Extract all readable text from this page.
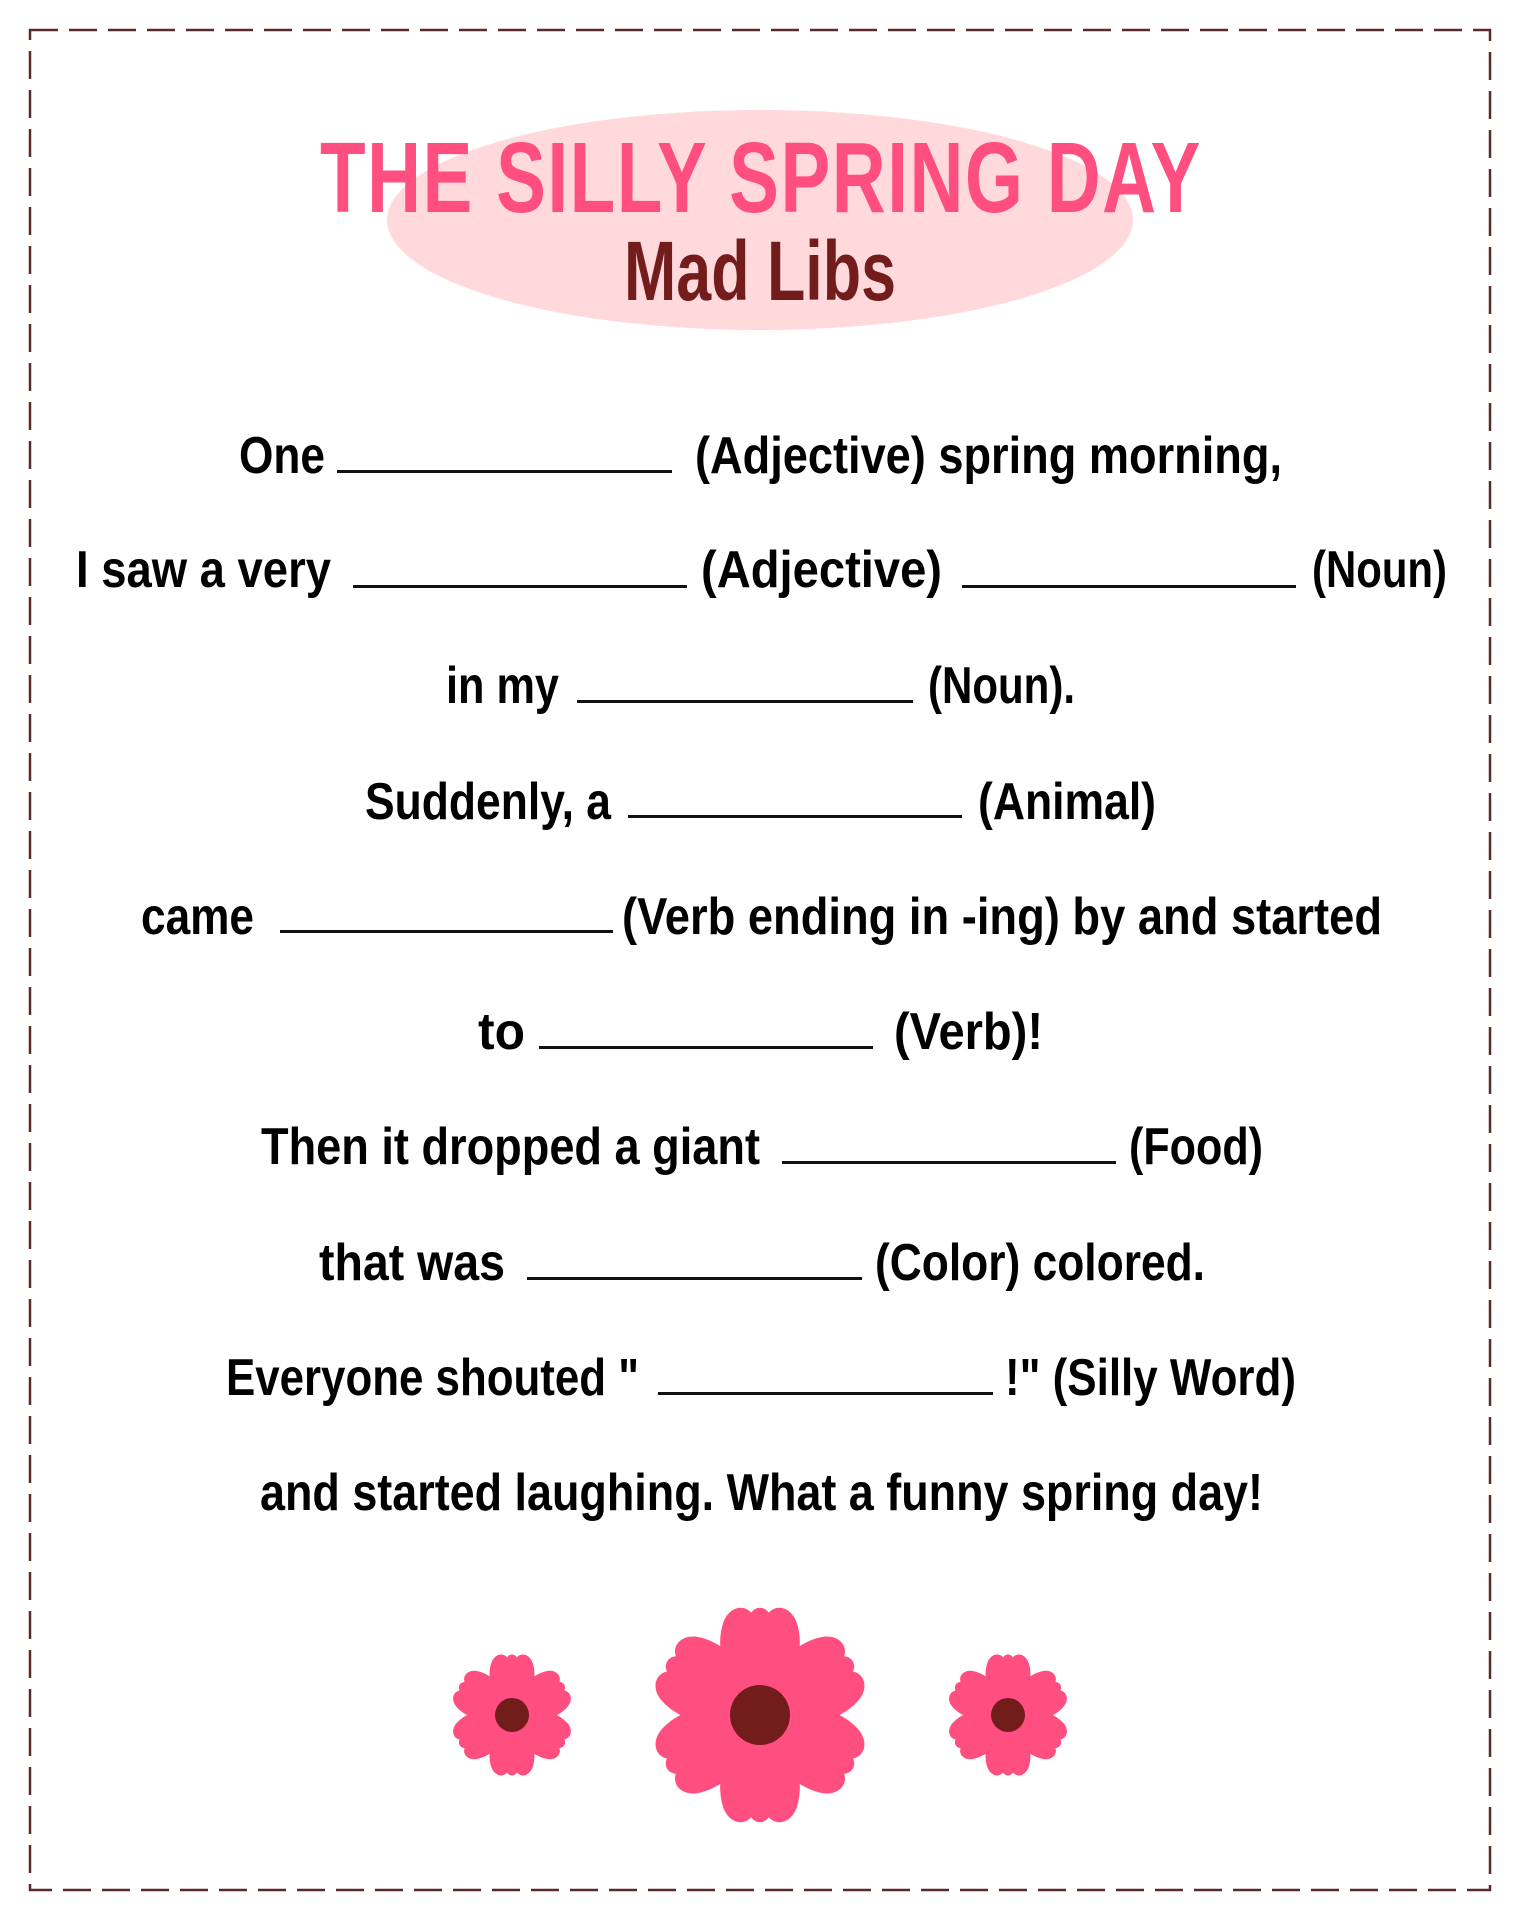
THE SILLY SPRING DAY
Mad Libs
One	(Adjective) spring morning,
I saw a very	(Adjective)	(Noun)
in my	(Noun).
Suddenly, a	(Animal)
came	(Verb ending in -ing) by and started
to	(Verb)!
Then it dropped a giant	(Food)
that was	(Color) colored.
Everyone shouted "	!" (Silly Word)
and started laughing. What a funny spring day!
